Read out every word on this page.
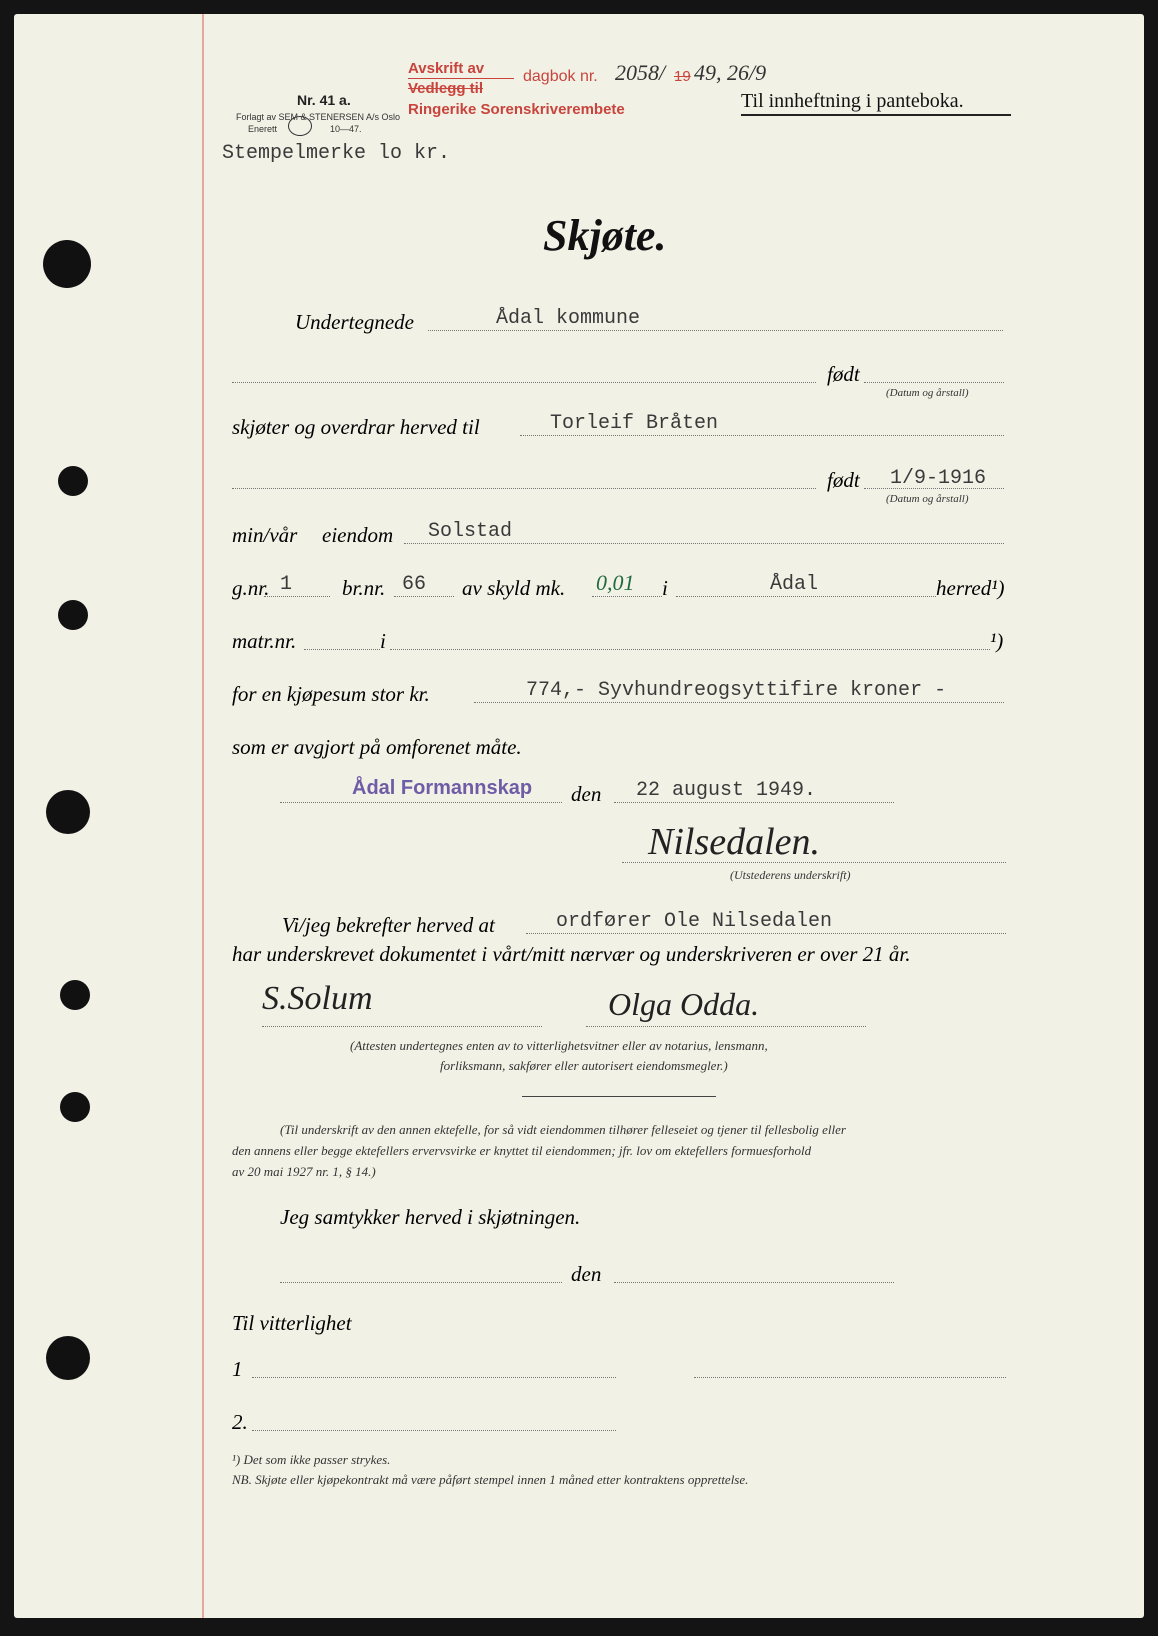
Nr. 41 a.
Forlagt av SEM & STENERSEN A/s Oslo
Enerett	10—47.
Avskrift av
Vedlegg til
Ringerike Sorenskriverembete
dagbok nr. 2058/ 19 49, 26/9
Til innheftning i panteboka.
Stempelmerke lo kr.
Skjøte.
Undertegnede	Ådal kommune
født
(Datum og årstall)
skjøter og overdrar herved til	Torleif Bråten
født 1/9-1916
(Datum og årstall)
min/vår eiendom Solstad
g.nr. 1 br.nr. 66 av skyld mk. 0,01 i	Ådal	herred¹)
matr.nr.	i	¹)
for en kjøpesum stor kr.	774,- Syvhundreogsyttifire kroner -
som er avgjort på omforenet måte.
Ådal Formannskap den 22 august 1949.
Nilsedalen.
(Utstederens underskrift)
Vi/jeg bekrefter herved at	ordfører Ole Nilsedalen
har underskrevet dokumentet i vårt/mitt nærvær og underskriveren er over 21 år.
S.Solum	Olga Odda.
(Attesten undertegnes enten av to vitterlighetsvitner eller av notarius, lensmann,
forliksmann, sakfører eller autorisert eiendomsmegler.)
(Til underskrift av den annen ektefelle, for så vidt eiendommen tilhører felleseiet og tjener til fellesbolig eller
den annens eller begge ektefellers ervervsvirke er knyttet til eiendommen; jfr. lov om ektefellers formuesforhold
av 20 mai 1927 nr. 1, § 14.)
Jeg samtykker herved i skjøtningen.
den
Til vitterlighet
1
2.
¹) Det som ikke passer strykes.
NB. Skjøte eller kjøpekontrakt må være påført stempel innen 1 måned etter kontraktens opprettelse.
